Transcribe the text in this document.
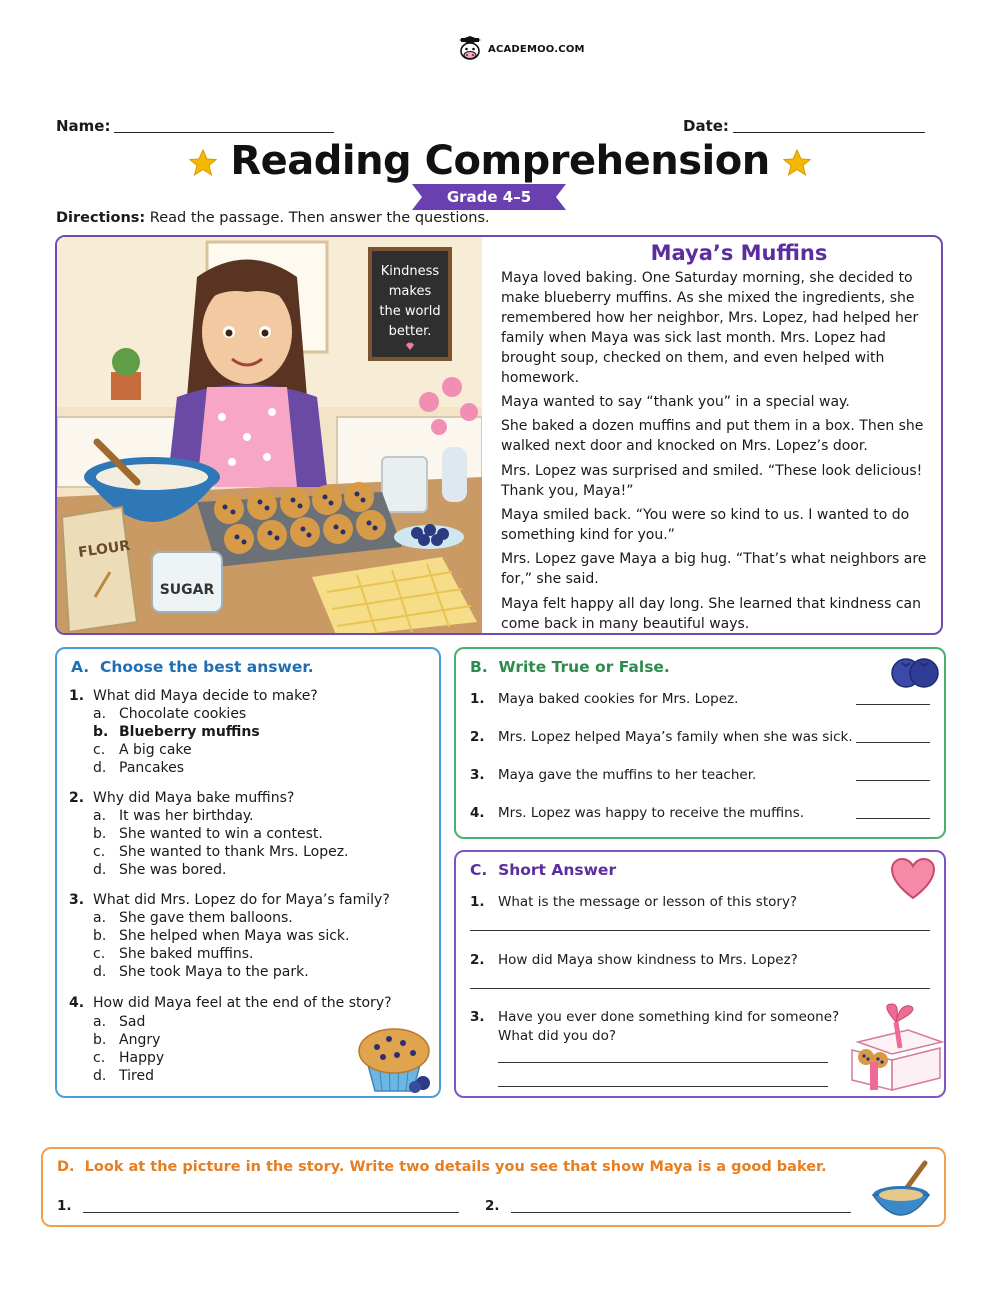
ACADEMOO.COM
Name:	Date:
Reading Comprehension
Grade 4–5
Directions: Read the passage. Then answer the questions.
Kindness
makes
the world
better.
FLOUR
SUGAR
Maya’s Muffins
Maya loved baking. One Saturday morning, she decided to make blueberry muffins. As she mixed the ingredients, she remembered how her neighbor, Mrs. Lopez, had helped her family when Maya was sick last month. Mrs. Lopez had brought soup, checked on them, and even helped with homework.
Maya wanted to say “thank you” in a special way.
She baked a dozen muffins and put them in a box. Then she walked next door and knocked on Mrs. Lopez’s door.
Mrs. Lopez was surprised and smiled. “These look delicious! Thank you, Maya!”
Maya smiled back. “You were so kind to us. I wanted to do something kind for you.”
Mrs. Lopez gave Maya a big hug. “That’s what neighbors are for,” she said.
Maya felt happy all day long. She learned that kindness can come back in many beautiful ways.
A. Choose the best answer.
1. What did Maya decide to make?
a. Chocolate cookies
b. Blueberry muffins
c. A big cake
d. Pancakes
2. Why did Maya bake muffins?
a. It was her birthday.
b. She wanted to win a contest.
c. She wanted to thank Mrs. Lopez.
d. She was bored.
3. What did Mrs. Lopez do for Maya’s family?
a. She gave them balloons.
b. She helped when Maya was sick.
c. She baked muffins.
d. She took Maya to the park.
4. How did Maya feel at the end of the story?
a. Sad
b. Angry
c. Happy
d. Tired
B. Write True or False.
1. Maya baked cookies for Mrs. Lopez.
2. Mrs. Lopez helped Maya’s family when she was sick.
3. Maya gave the muffins to her teacher.
4. Mrs. Lopez was happy to receive the muffins.
C. Short Answer
1. What is the message or lesson of this story?
2. How did Maya show kindness to Mrs. Lopez?
3. Have you ever done something kind for someone?
What did you do?
D. Look at the picture in the story. Write two details you see that show Maya is a good baker.
1.	2.
